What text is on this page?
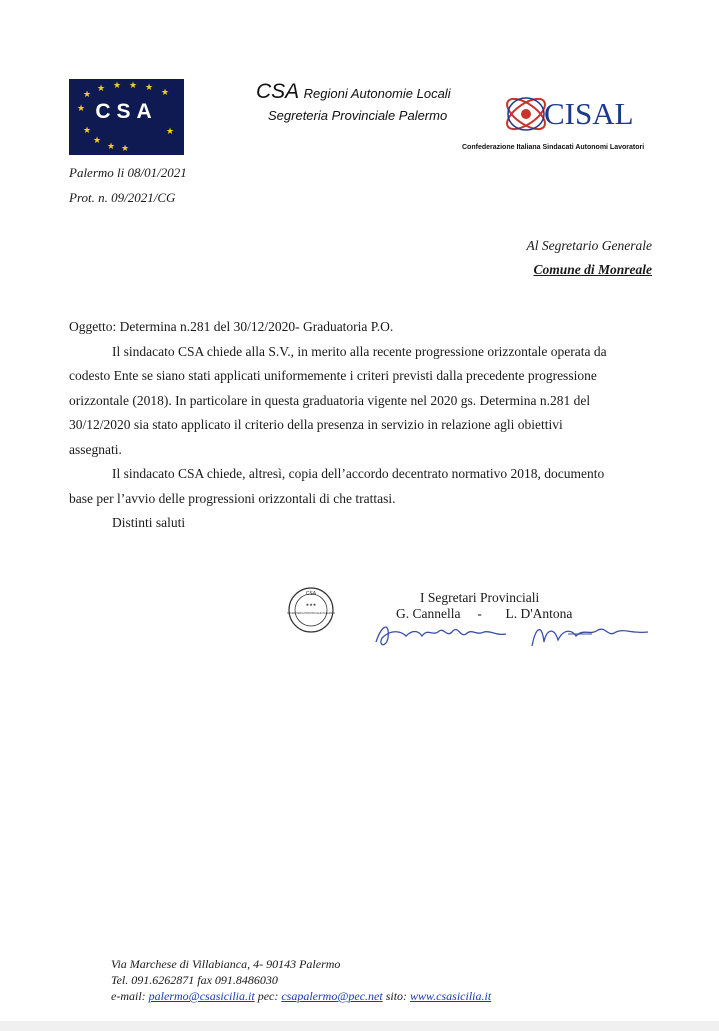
★
★ ★ ★ ★ ★
★
★
★
★ ★
★
CSA
CSA Regioni Autonomie Locali
Segreteria Provinciale Palermo	CISAL
Confederazione Italiana Sindacati Autonomi Lavoratori
Palermo li 08/01/2021
Prot. n. 09/2021/CG
Al Segretario Generale
Comune di Monreale

Oggetto: Determina n.281 del 30/12/2020- Graduatoria P.O.

Il sindacato CSA chiede alla S.V., in merito alla recente progressione orizzontale operata da

codesto Ente se siano stati applicati uniformemente i criteri previsti dalla precedente progressione

orizzontale (2018). In particolare in questa graduatoria vigente nel 2020 gs. Determina n.281 del

30/12/2020 sia stato applicato il criterio della presenza in servizio in relazione agli obiettivi

assegnati.

Il sindacato CSA chiede, altresì, copia dell’accordo decentrato normativo 2018, documento

base per l’avvio delle progressioni orizzontali di che trattasi.

Distinti saluti

CSA
★★★
SEGRETERIA PROVINCIALE PALERMO
I Segretari Provinciali
G. Cannella     -       L. D'Antona
Via Marchese di Villabianca, 4- 90143 Palermo
Tel. 091.6262871 fax 091.8486030
e-mail: palermo@csasicilia.it pec: csapalermo@pec.net sito: www.csasicilia.it
